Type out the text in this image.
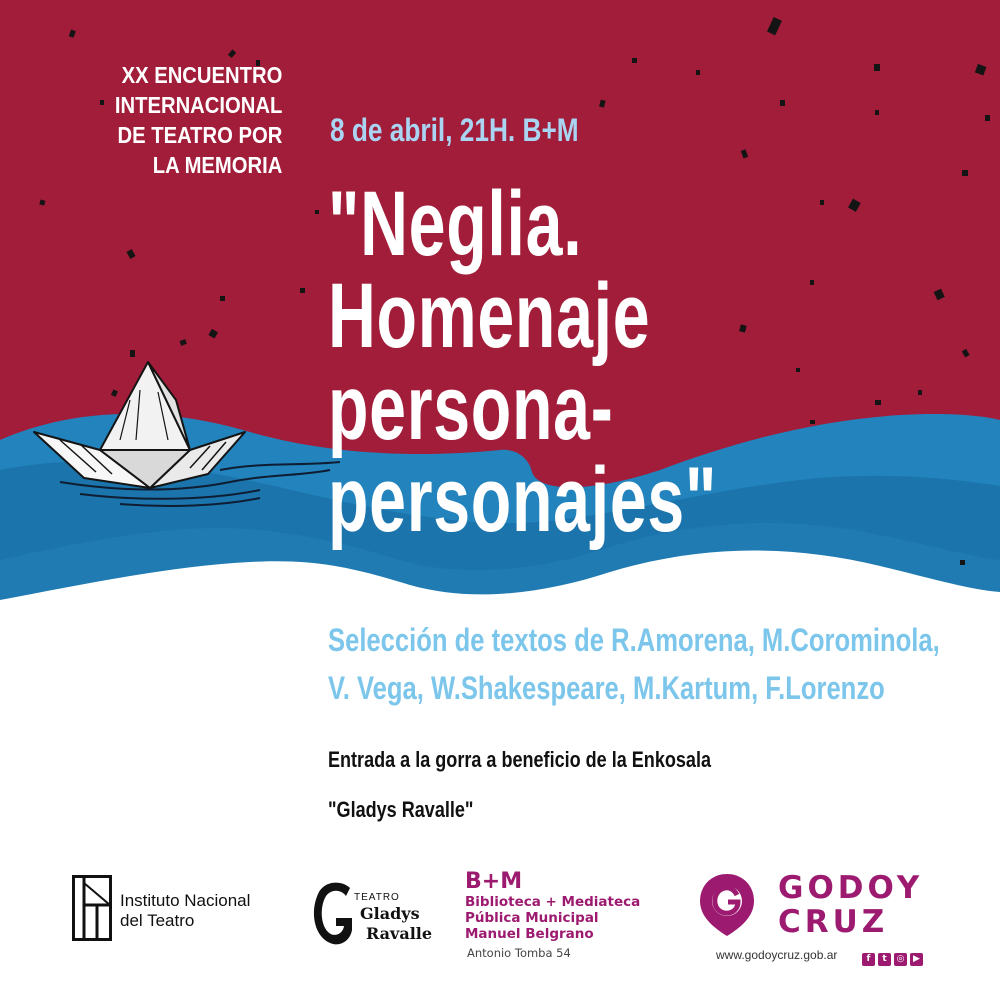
XX ENCUENTRO
INTERNACIONAL
DE TEATRO POR
LA MEMORIA
8 de abril, 21H. B+M
"Neglia.
Homenaje
persona-
personajes"
Selección de textos de R.Amorena, M.Corominola,
V. Vega, W.Shakespeare, M.Kartum, F.Lorenzo
Entrada a la gorra a beneficio de la Enkosala
"Gladys Ravalle"
Instituto Nacional
del Teatro
TEATRO
Gladys
Ravalle
B+M
Biblioteca + Mediateca
Pública Municipal
Manuel Belgrano
Antonio Tomba 54
GODOY
CRUZ
www.godoycruz.gob.ar	f t ◎ ▶
